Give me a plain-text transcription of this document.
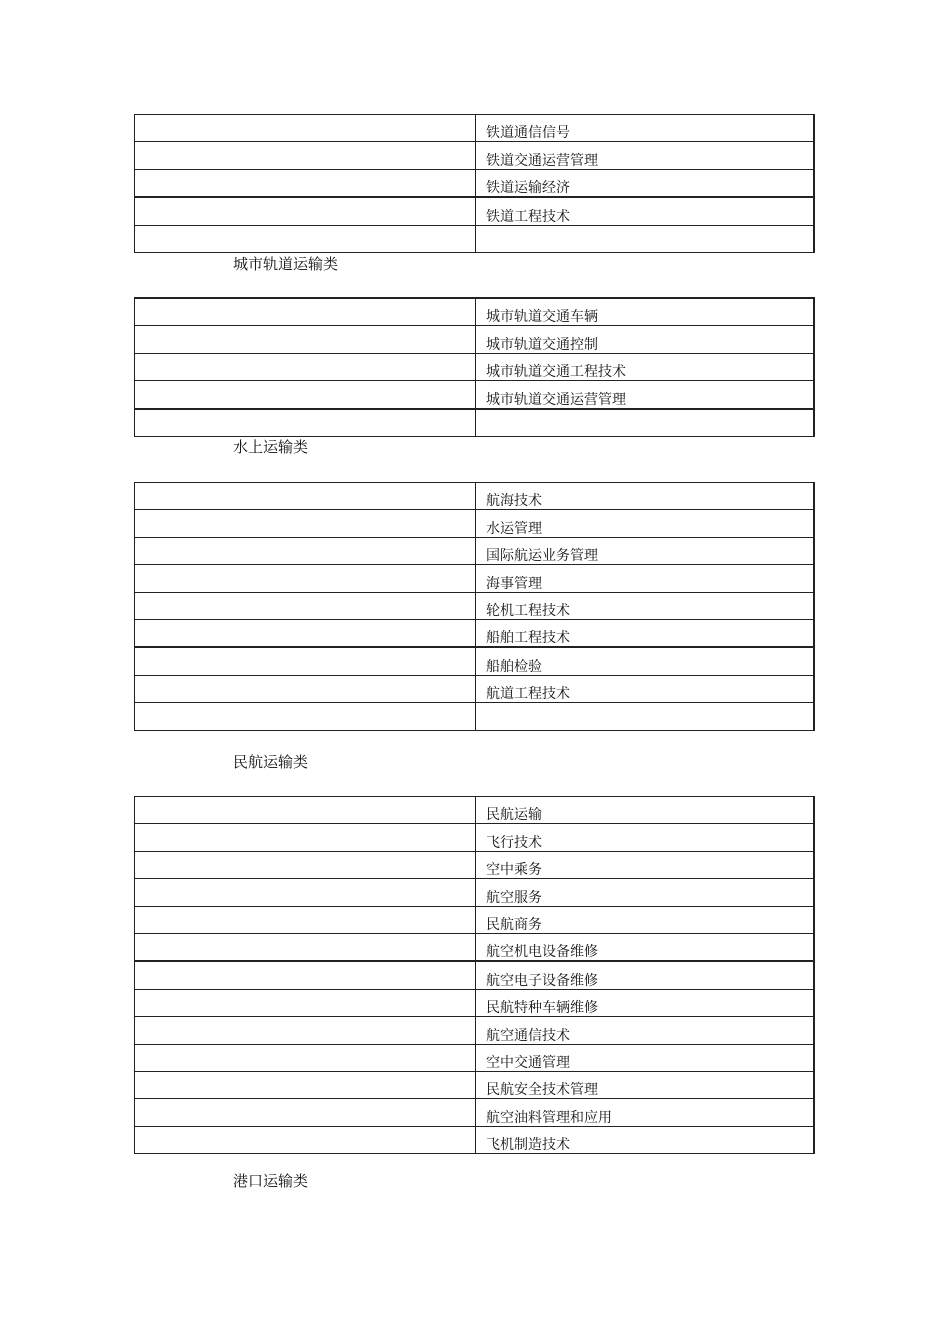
	铁道通信信号
	铁道交通运营管理
	铁道运输经济
	铁道工程技术

城市轨道运输类
	城市轨道交通车辆
	城市轨道交通控制
	城市轨道交通工程技术
	城市轨道交通运营管理

水上运输类
	航海技术
	水运管理
	国际航运业务管理
	海事管理
	轮机工程技术
	船舶工程技术
	船舶检验
	航道工程技术

民航运输类
	民航运输
	飞行技术
	空中乘务
	航空服务
	民航商务
	航空机电设备维修
	航空电子设备维修
	民航特种车辆维修
	航空通信技术
	空中交通管理
	民航安全技术管理
	航空油料管理和应用
	飞机制造技术
港口运输类
